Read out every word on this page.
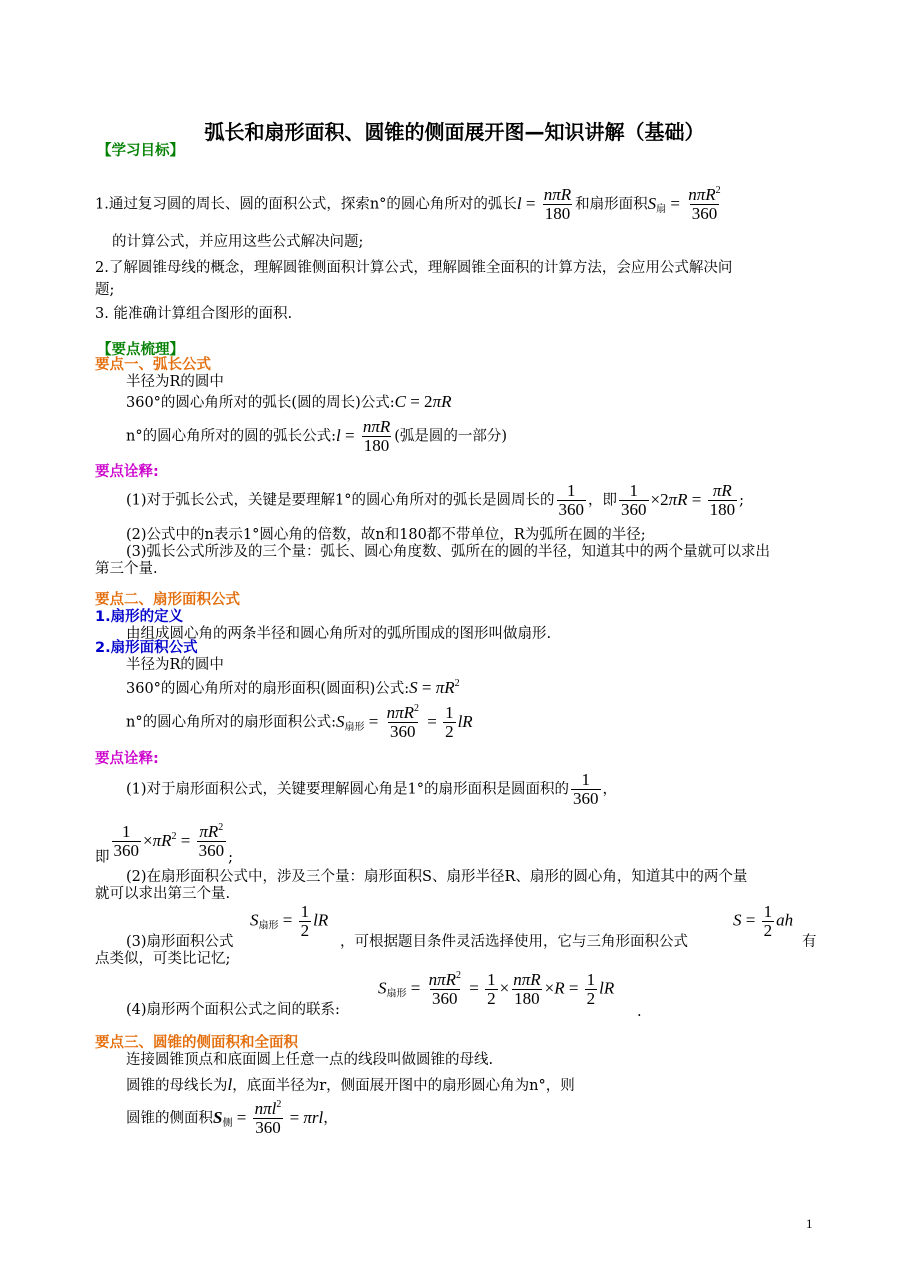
弧长和扇形面积、圆锥的侧面展开图—知识讲解（基础）
【学习目标】
1.通过复习圆的周长、圆的面积公式，探索n°的圆心角所对的弧长$l = \frac{\text{nπR}}{180}$ 和扇形面积$S_扇 = \frac{n\pi R^2}{360}$
的计算公式，并应用这些公式解决问题;
2.了解圆锥母线的概念，理解圆锥侧面积计算公式，理解圆锥全面积的计算方法，会应用公式解决问
题;
3. 能准确计算组合图形的面积.
【要点梳理】
要点一、弧长公式
半径为R的圆中
360°的圆心角所对的弧长(圆的周长)公式:C = 2πR
n°的圆心角所对的圆的弧长公式:l = $\frac{\text{nπR}}{180}$ (弧是圆的一部分)
要点诠释:
(1)对于弧长公式，关键是要理解1°的圆心角所对的弧长是圆周长的 $\frac{1}{360}$ ，即 $\frac{1}{360} \times 2\pi R = \frac{\pi R}{180}$ ;
(2)公式中的n表示1°圆心角的倍数，故n和180都不带单位，R为弧所在圆的半径;
(3)弧长公式所涉及的三个量：弧长、圆心角度数、弧所在的圆的半径，知道其中的两个量就可以求出
第三个量.
要点二、扇形面积公式
1.扇形的定义
由组成圆心角的两条半径和圆心角所对的弧所围成的图形叫做扇形.
2.扇形面积公式
半径为R的圆中
360°的圆心角所对的扇形面积(圆面积)公式:S = $\pi R^2$
n°的圆心角所对的扇形面积公式$:S_{扇形} = \frac{n\pi R^2}{360} = \frac{1}{2}$ lR
要点诠释:
(1)对于扇形面积公式，关键要理解圆心角是1°的扇形面积是圆面积的 $\frac{1}{360}$ ，
即 $\frac{1}{360} \times\pi R^2 = \frac{\pi R^2}{360}$ ;
(2)在扇形面积公式中，涉及三个量：扇形面积S、扇形半径R、扇形的圆心角，知道其中的两个量
就可以求出第三个量.
(3)扇形面积公式
$S_{扇形} = \frac{1}{2}$ lR
，可根据题目条件灵活选择使用，它与三角形面积公式
$S = \frac{1}{2}$ ah
有
点类似，可类比记忆;
$S_{扇形} = \frac{n\pi R^2}{360} = \frac{1}{2} \times \frac{\text{nπR}}{180} \times R = \frac{1}{2}$ lR
(4)扇形两个面积公式之间的联系:	.
要点三、圆锥的侧面积和全面积
连接圆锥顶点和底面圆上任意一点的线段叫做圆锥的母线.
圆锥的母线长为l，底面半径为r，侧面展开图中的扇形圆心角为n°，则
圆锥的侧面积$S_侧 = \frac{n\pi l^2}{360} = \pi rl$，
1
